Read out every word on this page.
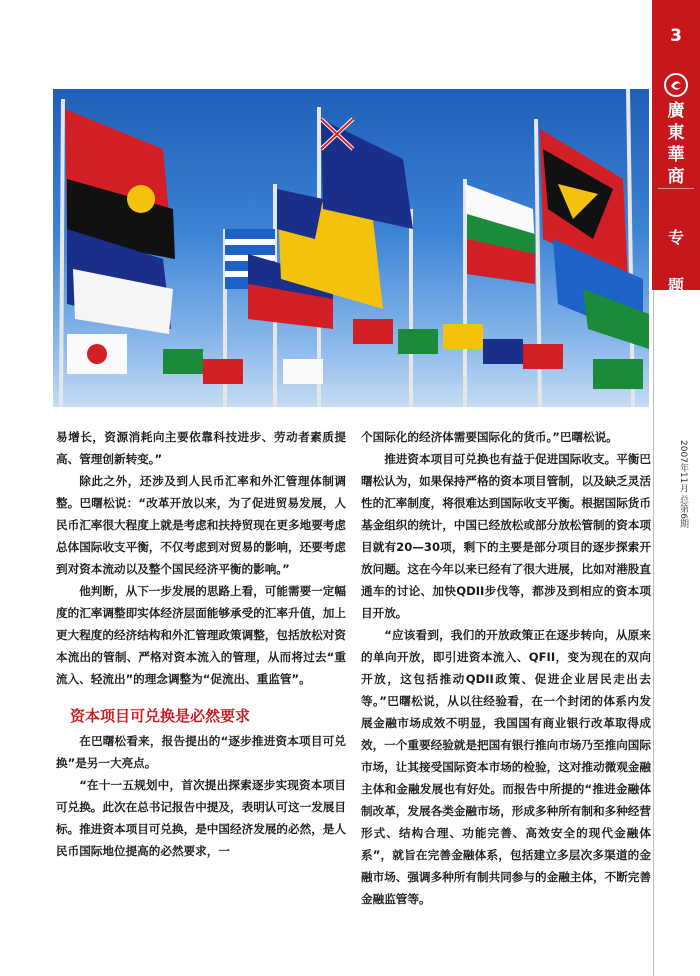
3
廣
東
華
商
专
题
2007年11月 总第6期

易增长，资源消耗向主要依靠科技进步、劳动者素质提高、管理创新转变。”

除此之外，还涉及到人民币汇率和外汇管理体制调整。巴曙松说：“改革开放以来，为了促进贸易发展，人民币汇率很大程度上就是考虑和扶持贸现在更多地要考虑总体国际收支平衡，不仅考虑到对贸易的影响，还要考虑到对资本流动以及整个国民经济平衡的影响。”

他判断，从下一步发展的思路上看，可能需要一定幅度的汇率调整即实体经济层面能够承受的汇率升值，加上更大程度的经济结构和外汇管理政策调整，包括放松对资本流出的管制、严格对资本流入的管理，从而将过去“重流入、轻流出”的理念调整为“促流出、重监管”。

资本项目可兑换是必然要求

在巴曙松看来，报告提出的“逐步推进资本项目可兑换”是另一大亮点。

“在十一五规划中，首次提出探索逐步实现资本项目可兑换。此次在总书记报告中提及，表明认可这一发展目标。推进资本项目可兑换，是中国经济发展的必然，是人民币国际地位提高的必然要求，一

个国际化的经济体需要国际化的货币。”巴曙松说。

推进资本项目可兑换也有益于促进国际收支。平衡巴曙松认为，如果保持严格的资本项目管制，以及缺乏灵活性的汇率制度，将很难达到国际收支平衡。根据国际货币基金组织的统计，中国已经放松或部分放松管制的资本项目就有20—30项，剩下的主要是部分项目的逐步探索开放问题。这在今年以来已经有了很大进展，比如对港股直通车的讨论、加快QDII步伐等，都涉及到相应的资本项目开放。

“应该看到，我们的开放政策正在逐步转向，从原来的单向开放，即引进资本流入、QFII，变为现在的双向开放，这包括推动QDII政策、促进企业居民走出去等。”巴曙松说，从以往经验看，在一个封闭的体系内发展金融市场成效不明显，我国国有商业银行改革取得成效，一个重要经验就是把国有银行推向市场乃至推向国际市场，让其接受国际资本市场的检验，这对推动微观金融主体和金融发展也有好处。而报告中所提的“推进金融体制改革，发展各类金融市场，形成多种所有制和多种经营形式、结构合理、功能完善、高效安全的现代金融体系”，就旨在完善金融体系，包括建立多层次多渠道的金融市场、强调多种所有制共同参与的金融主体，不断完善金融监管等。
